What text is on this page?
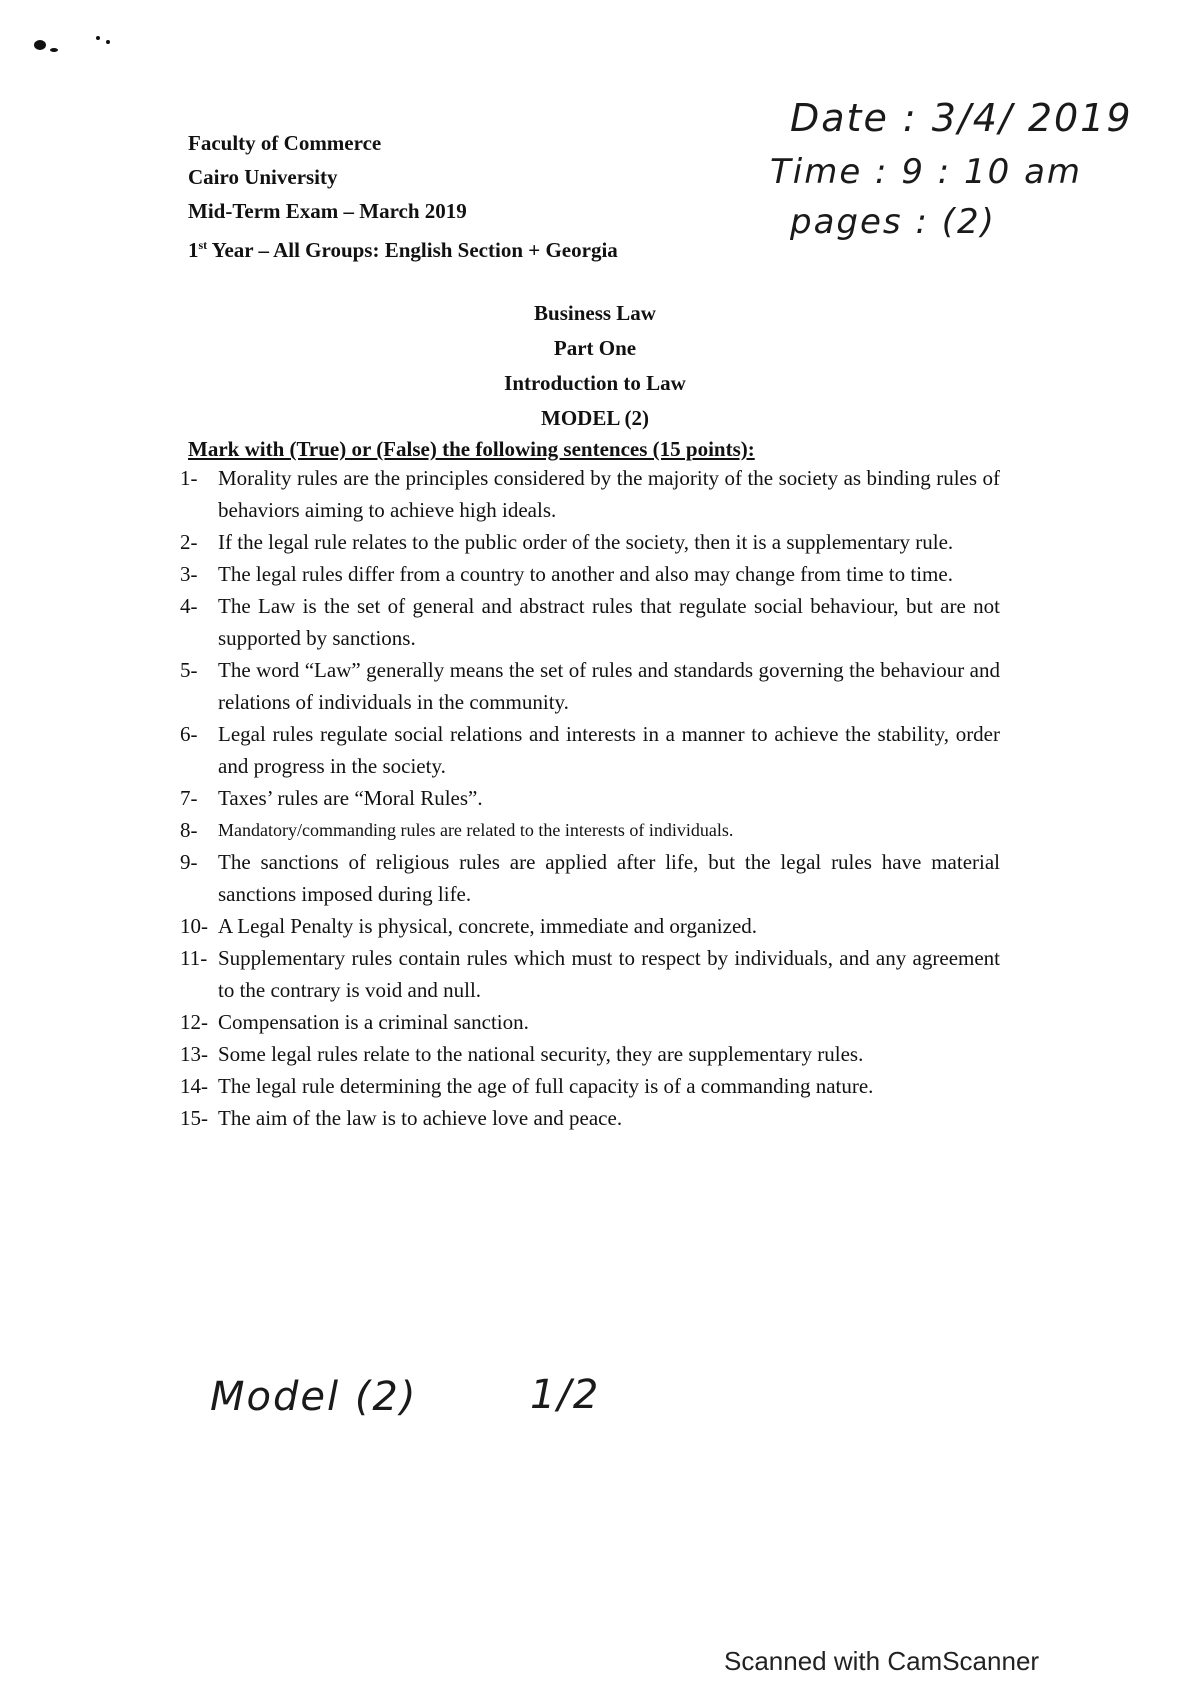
Faculty of Commerce
Cairo University
Mid-Term Exam – March 2019
1st Year – All Groups: English Section + Georgia
Date : 3/4/ 2019
Time : 9 : 10 am
pages : (2)
Business Law
Part One
Introduction to Law
MODEL (2)
Mark with (True) or (False) the following sentences (15 points):
1- Morality rules are the principles considered by the majority of the society as binding rules of behaviors aiming to achieve high ideals.
2- If the legal rule relates to the public order of the society, then it is a supplementary rule.
3- The legal rules differ from a country to another and also may change from time to time.
4- The Law is the set of general and abstract rules that regulate social behaviour, but are not supported by sanctions.
5- The word “Law” generally means the set of rules and standards governing the behaviour and relations of individuals in the community.
6- Legal rules regulate social relations and interests in a manner to achieve the stability, order and progress in the society.
7- Taxes’ rules are “Moral Rules”.
8-	Mandatory/commanding rules are related to the interests of individuals.
9- The sanctions of religious rules are applied after life, but the legal rules have material sanctions imposed during life.
10- A Legal Penalty is physical, concrete, immediate and organized.
11- Supplementary rules contain rules which must to respect by individuals, and any agreement to the contrary is void and null.
12- Compensation is a criminal sanction.
13- Some legal rules relate to the national security, they are supplementary rules.
14- The legal rule determining the age of full capacity is of a commanding nature.
15- The aim of the law is to achieve love and peace.
Model (2)	1/2
Scanned with CamScanner
